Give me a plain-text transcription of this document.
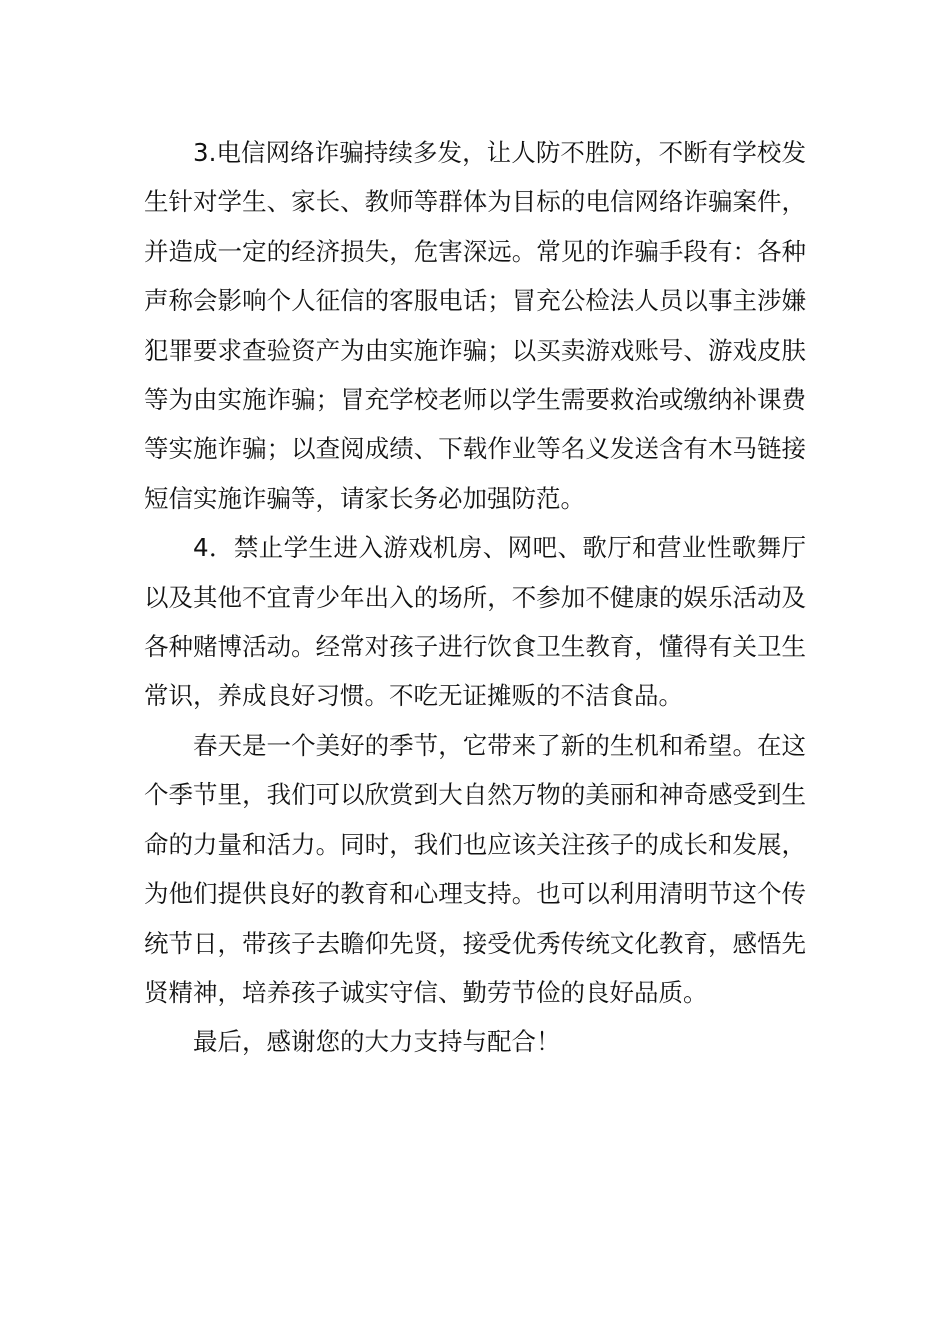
3.电信网络诈骗持续多发，让人防不胜防，不断有学校发生针对学生、家长、教师等群体为目标的电信网络诈骗案件，并造成一定的经济损失，危害深远。常见的诈骗手段有：各种声称会影响个人征信的客服电话；冒充公检法人员以事主涉嫌犯罪要求查验资产为由实施诈骗；以买卖游戏账号、游戏皮肤等为由实施诈骗；冒充学校老师以学生需要救治或缴纳补课费等实施诈骗；以查阅成绩、下载作业等名义发送含有木马链接短信实施诈骗等，请家长务必加强防范。

4．禁止学生进入游戏机房、网吧、歌厅和营业性歌舞厅以及其他不宜青少年出入的场所，不参加不健康的娱乐活动及各种赌博活动。经常对孩子进行饮食卫生教育，懂得有关卫生常识，养成良好习惯。不吃无证摊贩的不洁食品。

春天是一个美好的季节，它带来了新的生机和希望。在这个季节里，我们可以欣赏到大自然万物的美丽和神奇感受到生命的力量和活力。同时，我们也应该关注孩子的成长和发展，为他们提供良好的教育和心理支持。也可以利用清明节这个传统节日，带孩子去瞻仰先贤，接受优秀传统文化教育，感悟先贤精神，培养孩子诚实守信、勤劳节俭的良好品质。

最后，感谢您的大力支持与配合！
